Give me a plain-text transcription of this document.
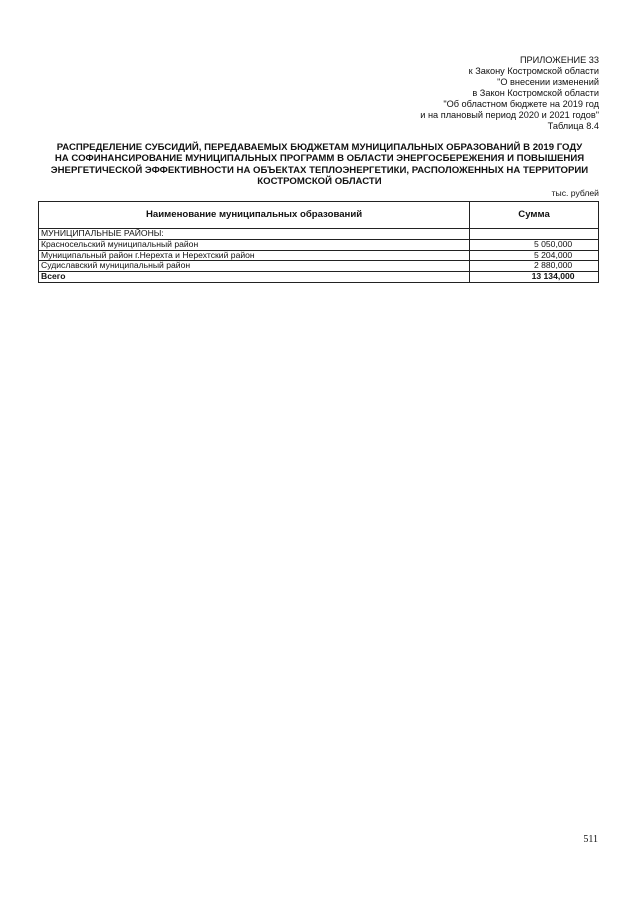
ПРИЛОЖЕНИЕ 33
к Закону Костромской области
"О внесении изменений
в Закон Костромской области
"Об областном бюджете на 2019 год
и на плановый период 2020 и 2021 годов"
Таблица 8.4
РАСПРЕДЕЛЕНИЕ СУБСИДИЙ, ПЕРЕДАВАЕМЫХ БЮДЖЕТАМ МУНИЦИПАЛЬНЫХ ОБРАЗОВАНИЙ В 2019 ГОДУ
НА СОФИНАНСИРОВАНИЕ МУНИЦИПАЛЬНЫХ ПРОГРАММ В ОБЛАСТИ ЭНЕРГОСБЕРЕЖЕНИЯ И ПОВЫШЕНИЯ
ЭНЕРГЕТИЧЕСКОЙ ЭФФЕКТИВНОСТИ НА ОБЪЕКТАХ ТЕПЛОЭНЕРГЕТИКИ, РАСПОЛОЖЕННЫХ НА ТЕРРИТОРИИ
КОСТРОМСКОЙ ОБЛАСТИ
тыс. рублей
Наименование муниципальных образований	Сумма
МУНИЦИПАЛЬНЫЕ РАЙОНЫ:	
Красносельский муниципальный район	5 050,000
Муниципальный район г.Нерехта и Нерехтский район	5 204,000
Судиславский муниципальный район	2 880,000
Всего	13 134,000
511
